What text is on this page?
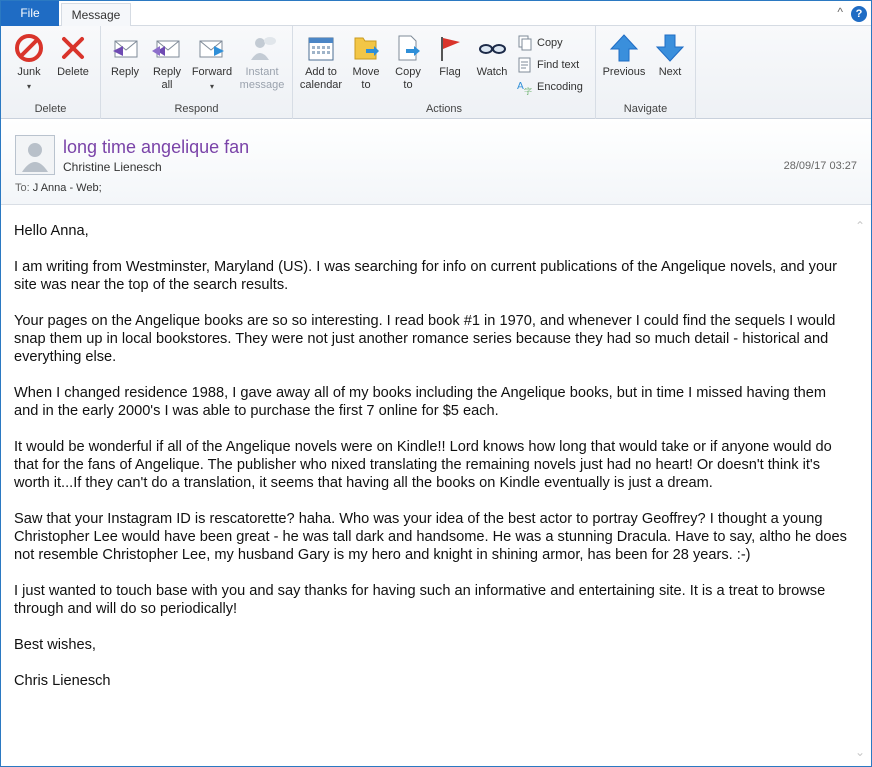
File	Message	^	?
Junk
▾
Delete
Delete
Reply	Reply
all
Forward
▾
Instant
message
Respond
Add to
calendar
Move
to
Copy
to
Flag	Watch
Copy
Find text
A 字 Encoding
Actions
Previous	Next
Navigate
long time angelique fan
Christine Lienesch	28/09/17 03:27
To: J Anna - Web;

Hello Anna,

I am writing from Westminster, Maryland (US). I was searching for info on current publications of the Angelique novels, and your site was near the top of the search results.

Your pages on the Angelique books are so so interesting. I read book #1 in 1970, and whenever I could find the sequels I would snap them up in local bookstores. They were not just another romance series because they had so much detail - historical and everything else.

When I changed residence 1988, I gave away all of my books including the Angelique books, but in time I missed having them and in the early 2000's I was able to purchase the first 7 online for $5 each.

It would be wonderful if all of the Angelique novels were on Kindle!! Lord knows how long that would take or if anyone would do that for the fans of Angelique. The publisher who nixed translating the remaining novels just had no heart! Or doesn't think it's worth it...If they can't do a translation, it seems that having all the books on Kindle eventually is just a dream.

Saw that your Instagram ID is rescatorette? haha. Who was your idea of the best actor to portray Geoffrey? I thought a young Christopher Lee would have been great - he was tall dark and handsome. He was a stunning Dracula. Have to say, altho he does not resemble Christopher Lee, my husband Gary is my hero and knight in shining armor, has been for 28 years. :-)

I just wanted to touch base with you and say thanks for having such an informative and entertaining site. It is a treat to browse through and will do so periodically!

Best wishes,

Chris Lienesch

⌃
⌄
